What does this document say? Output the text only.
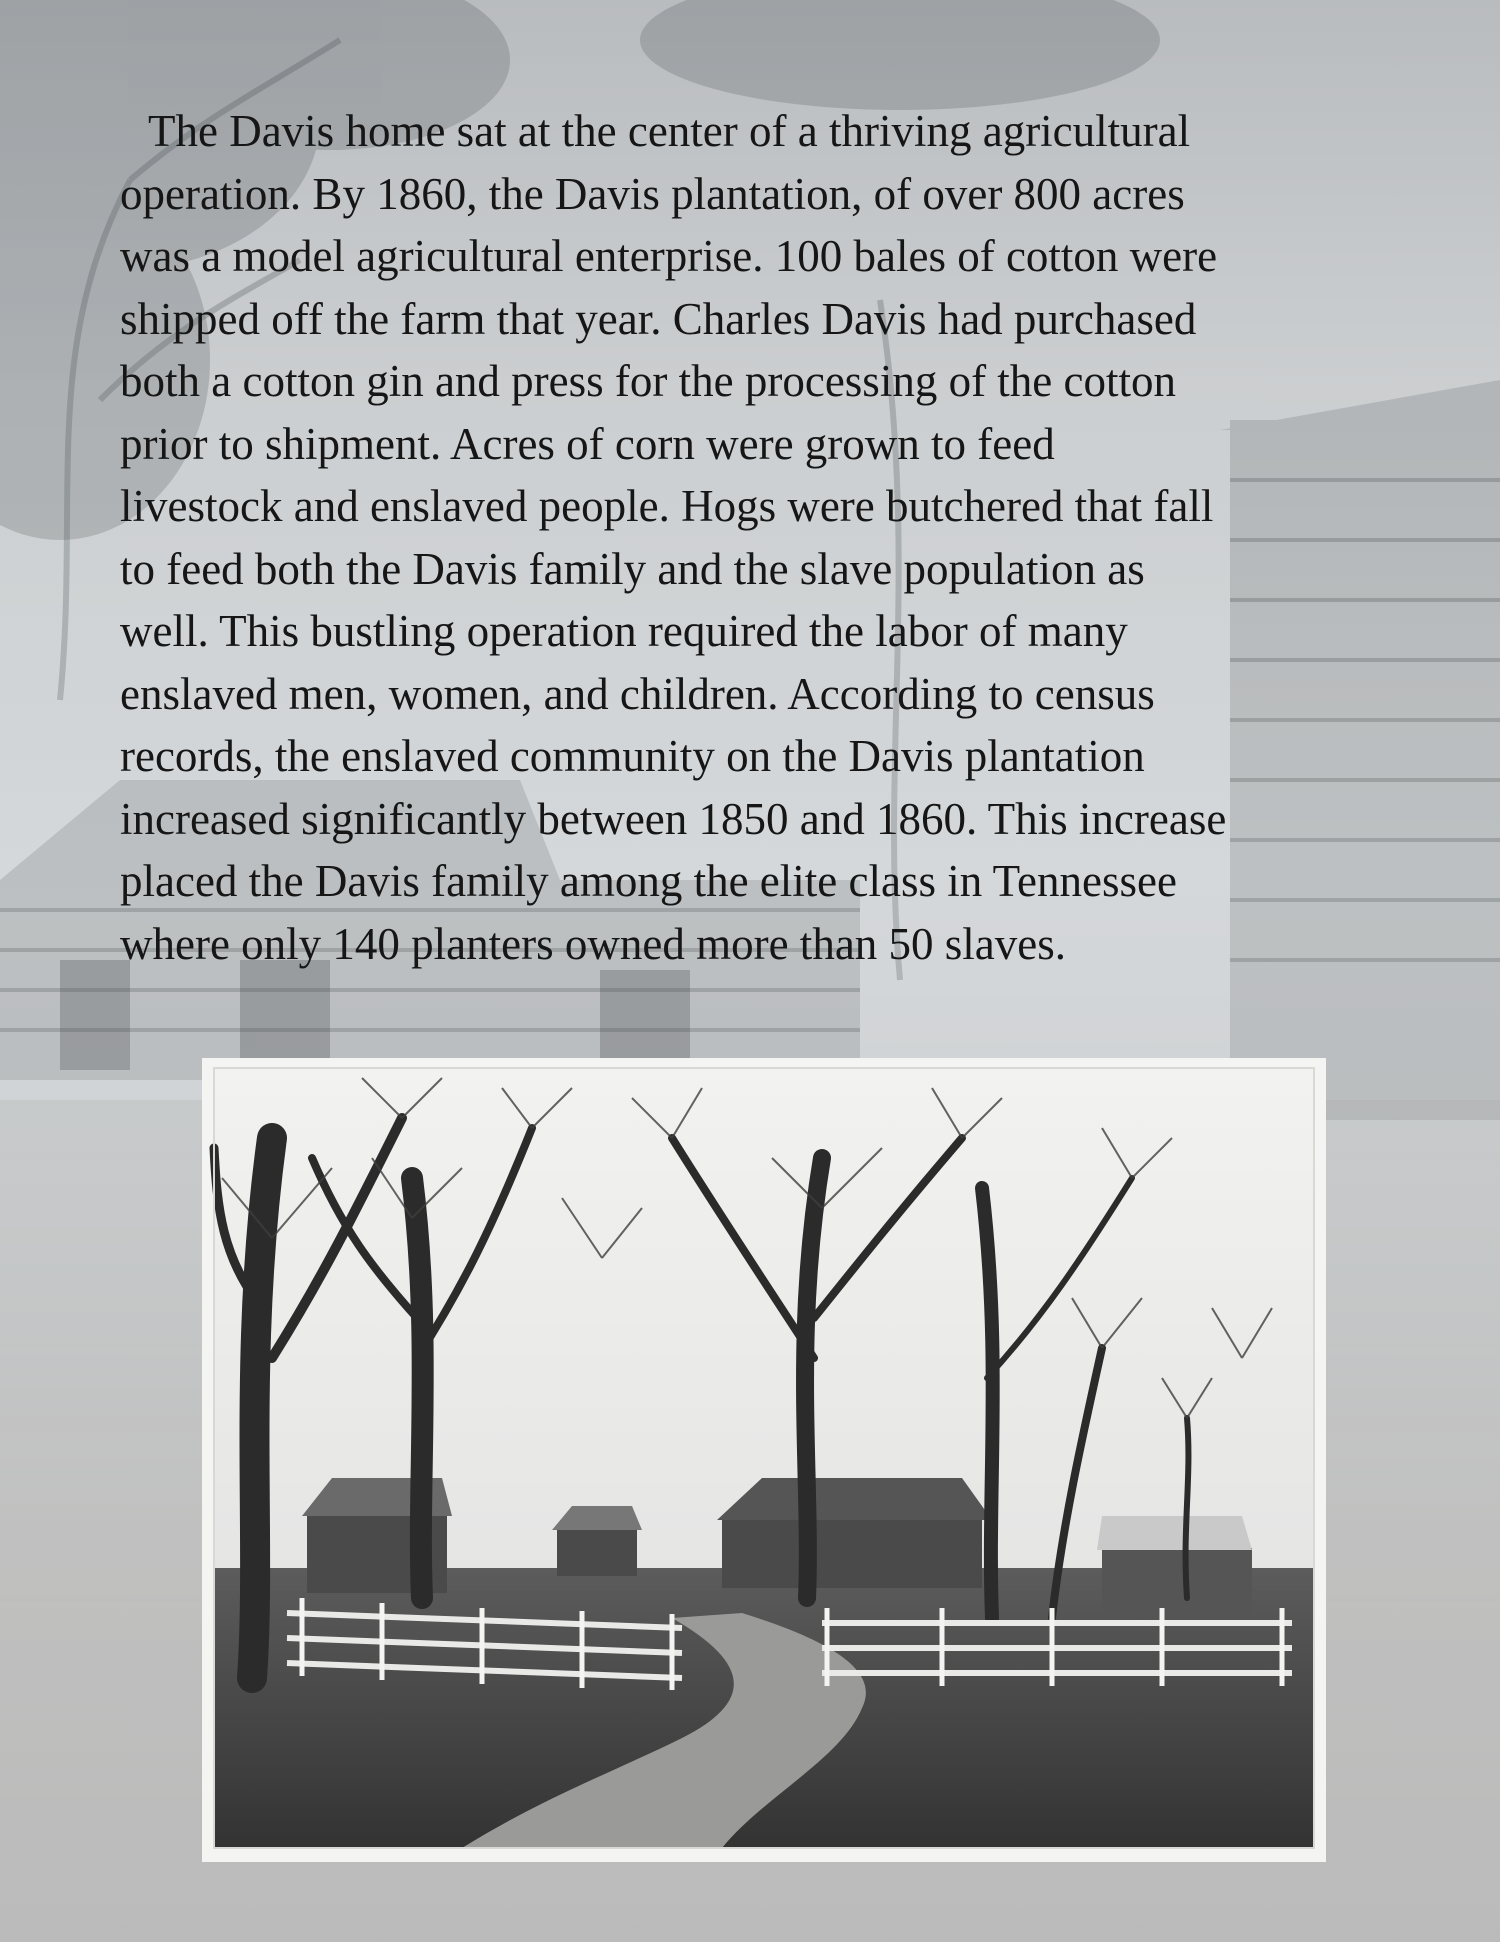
The Davis home sat at the center of a thriving agricultural
operation. By 1860, the Davis plantation, of over 800 acres
was a model agricultural enterprise. 100 bales of cotton were
shipped off the farm that year. Charles Davis had purchased
both a cotton gin and press for the processing of the cotton
prior to shipment. Acres of corn were grown to feed
livestock and enslaved people. Hogs were butchered that fall
to feed both the Davis family and the slave population as
well. This bustling operation required the labor of many
enslaved men, women, and children. According to census
records, the enslaved community on the Davis plantation
increased significantly between 1850 and 1860. This increase
placed the Davis family among the elite class in Tennessee
where only 140 planters owned more than 50 slaves.
